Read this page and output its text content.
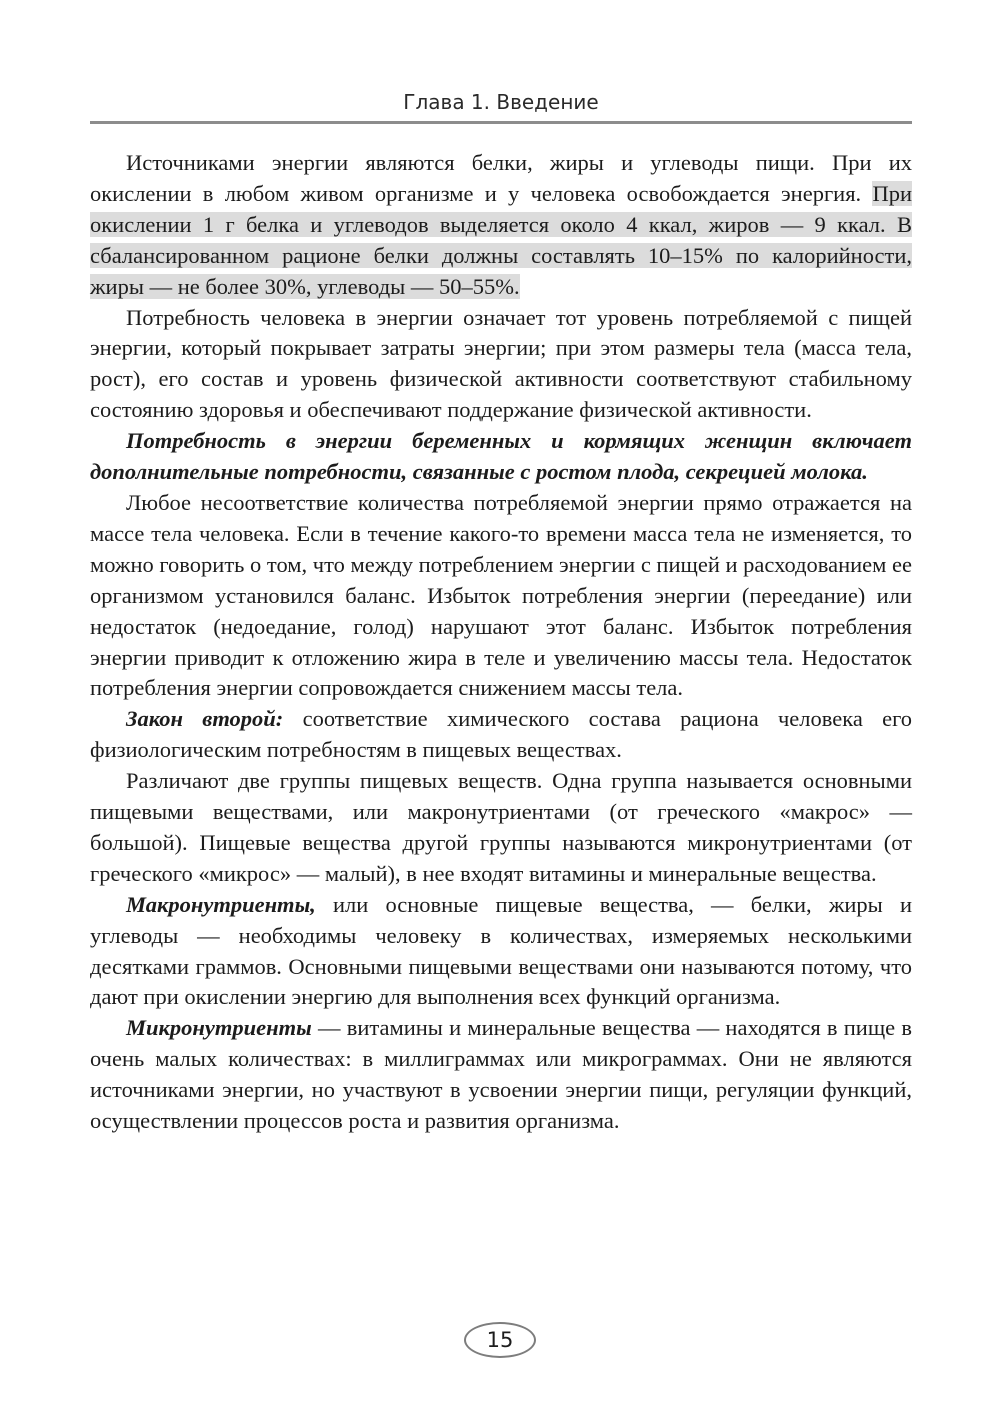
Глава 1. Введение

Источниками энергии являются белки, жиры и углеводы пищи. При их окислении в любом живом организме и у человека освобождается энергия. При окислении 1 г белка и углеводов выделяется около 4 ккал, жиров — 9 ккал. В сбалансированном рационе белки должны составлять 10–15% по калорийности, жиры — не более 30%, углеводы — 50–55%.

Потребность человека в энергии означает тот уровень потребляемой с пищей энергии, который покрывает затраты энергии; при этом размеры тела (масса тела, рост), его состав и уровень физической активности соответствуют стабильному состоянию здоровья и обеспечивают поддержание физической активности.

Потребность в энергии беременных и кормящих женщин включает дополнительные потребности, связанные с ростом плода, секрецией молока.

Любое несоответствие количества потребляемой энергии прямо отражается на массе тела человека. Если в течение какого-то времени масса тела не изменяется, то можно говорить о том, что между потреблением энергии с пищей и расходованием ее организмом установился баланс. Избыток потребления энергии (переедание) или недостаток (недоедание, голод) нарушают этот баланс. Избыток потребления энергии приводит к отложению жира в теле и увеличению массы тела. Недостаток потребления энергии сопровождается снижением массы тела.

Закон второй: соответствие химического состава рациона человека его физиологическим потребностям в пищевых веществах.

Различают две группы пищевых веществ. Одна группа называется основными пищевыми веществами, или макронутриентами (от греческого «макрос» — большой). Пищевые вещества другой группы называются микронутриентами (от греческого «микрос» — малый), в нее входят витамины и минеральные вещества.

Макронутриенты, или основные пищевые вещества, — белки, жиры и углеводы — необходимы человеку в количествах, измеряемых несколькими десятками граммов. Основными пищевыми веществами они называются потому, что дают при окислении энергию для выполнения всех функций организма.

Микронутриенты — витамины и минеральные вещества — находятся в пище в очень малых количествах: в миллиграммах или микрограммах. Они не являются источниками энергии, но участвуют в усвоении энергии пищи, регуляции функций, осуществлении процессов роста и развития организма.

15
